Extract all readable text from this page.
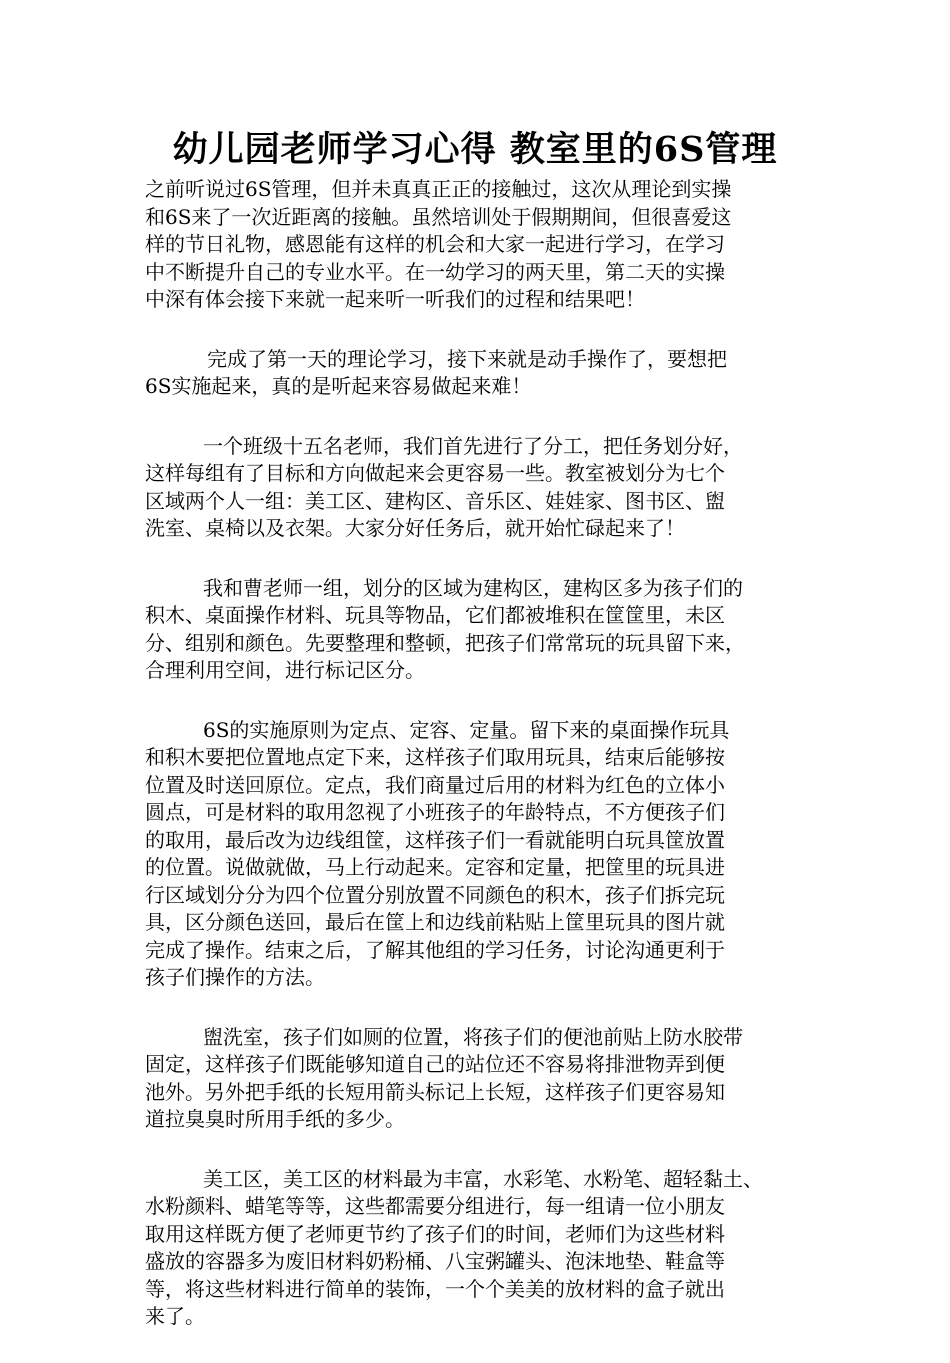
幼儿园老师学习心得 教室里的6S管理

之前听说过6S管理，但并未真真正正的接触过，这次从理论到实操
和6S来了一次近距离的接触。虽然培训处于假期期间，但很喜爱这
样的节日礼物，感恩能有这样的机会和大家一起进行学习，在学习
中不断提升自己的专业水平。在一幼学习的两天里，第二天的实操
中深有体会接下来就一起来听一听我们的过程和结果吧！

完成了第一天的理论学习，接下来就是动手操作了，要想把
6S实施起来，真的是听起来容易做起来难！

一个班级十五名老师，我们首先进行了分工，把任务划分好，
这样每组有了目标和方向做起来会更容易一些。教室被划分为七个
区域两个人一组：美工区、建构区、音乐区、娃娃家、图书区、盥
洗室、桌椅以及衣架。大家分好任务后，就开始忙碌起来了！

我和曹老师一组，划分的区域为建构区，建构区多为孩子们的
积木、桌面操作材料、玩具等物品，它们都被堆积在筐筐里，未区
分、组别和颜色。先要整理和整顿，把孩子们常常玩的玩具留下来，
合理利用空间，进行标记区分。

6S的实施原则为定点、定容、定量。留下来的桌面操作玩具
和积木要把位置地点定下来，这样孩子们取用玩具，结束后能够按
位置及时送回原位。定点，我们商量过后用的材料为红色的立体小
圆点，可是材料的取用忽视了小班孩子的年龄特点，不方便孩子们
的取用，最后改为边线组筐，这样孩子们一看就能明白玩具筐放置
的位置。说做就做，马上行动起来。定容和定量，把筐里的玩具进
行区域划分分为四个位置分别放置不同颜色的积木，孩子们拆完玩
具，区分颜色送回，最后在筐上和边线前粘贴上筐里玩具的图片就
完成了操作。结束之后，了解其他组的学习任务，讨论沟通更利于
孩子们操作的方法。

盥洗室，孩子们如厕的位置，将孩子们的便池前贴上防水胶带
固定，这样孩子们既能够知道自己的站位还不容易将排泄物弄到便
池外。另外把手纸的长短用箭头标记上长短，这样孩子们更容易知
道拉臭臭时所用手纸的多少。

美工区，美工区的材料最为丰富，水彩笔、水粉笔、超轻黏土、
水粉颜料、蜡笔等等，这些都需要分组进行，每一组请一位小朋友
取用这样既方便了老师更节约了孩子们的时间，老师们为这些材料
盛放的容器多为废旧材料奶粉桶、八宝粥罐头、泡沫地垫、鞋盒等
等，将这些材料进行简单的装饰，一个个美美的放材料的盒子就出
来了。
